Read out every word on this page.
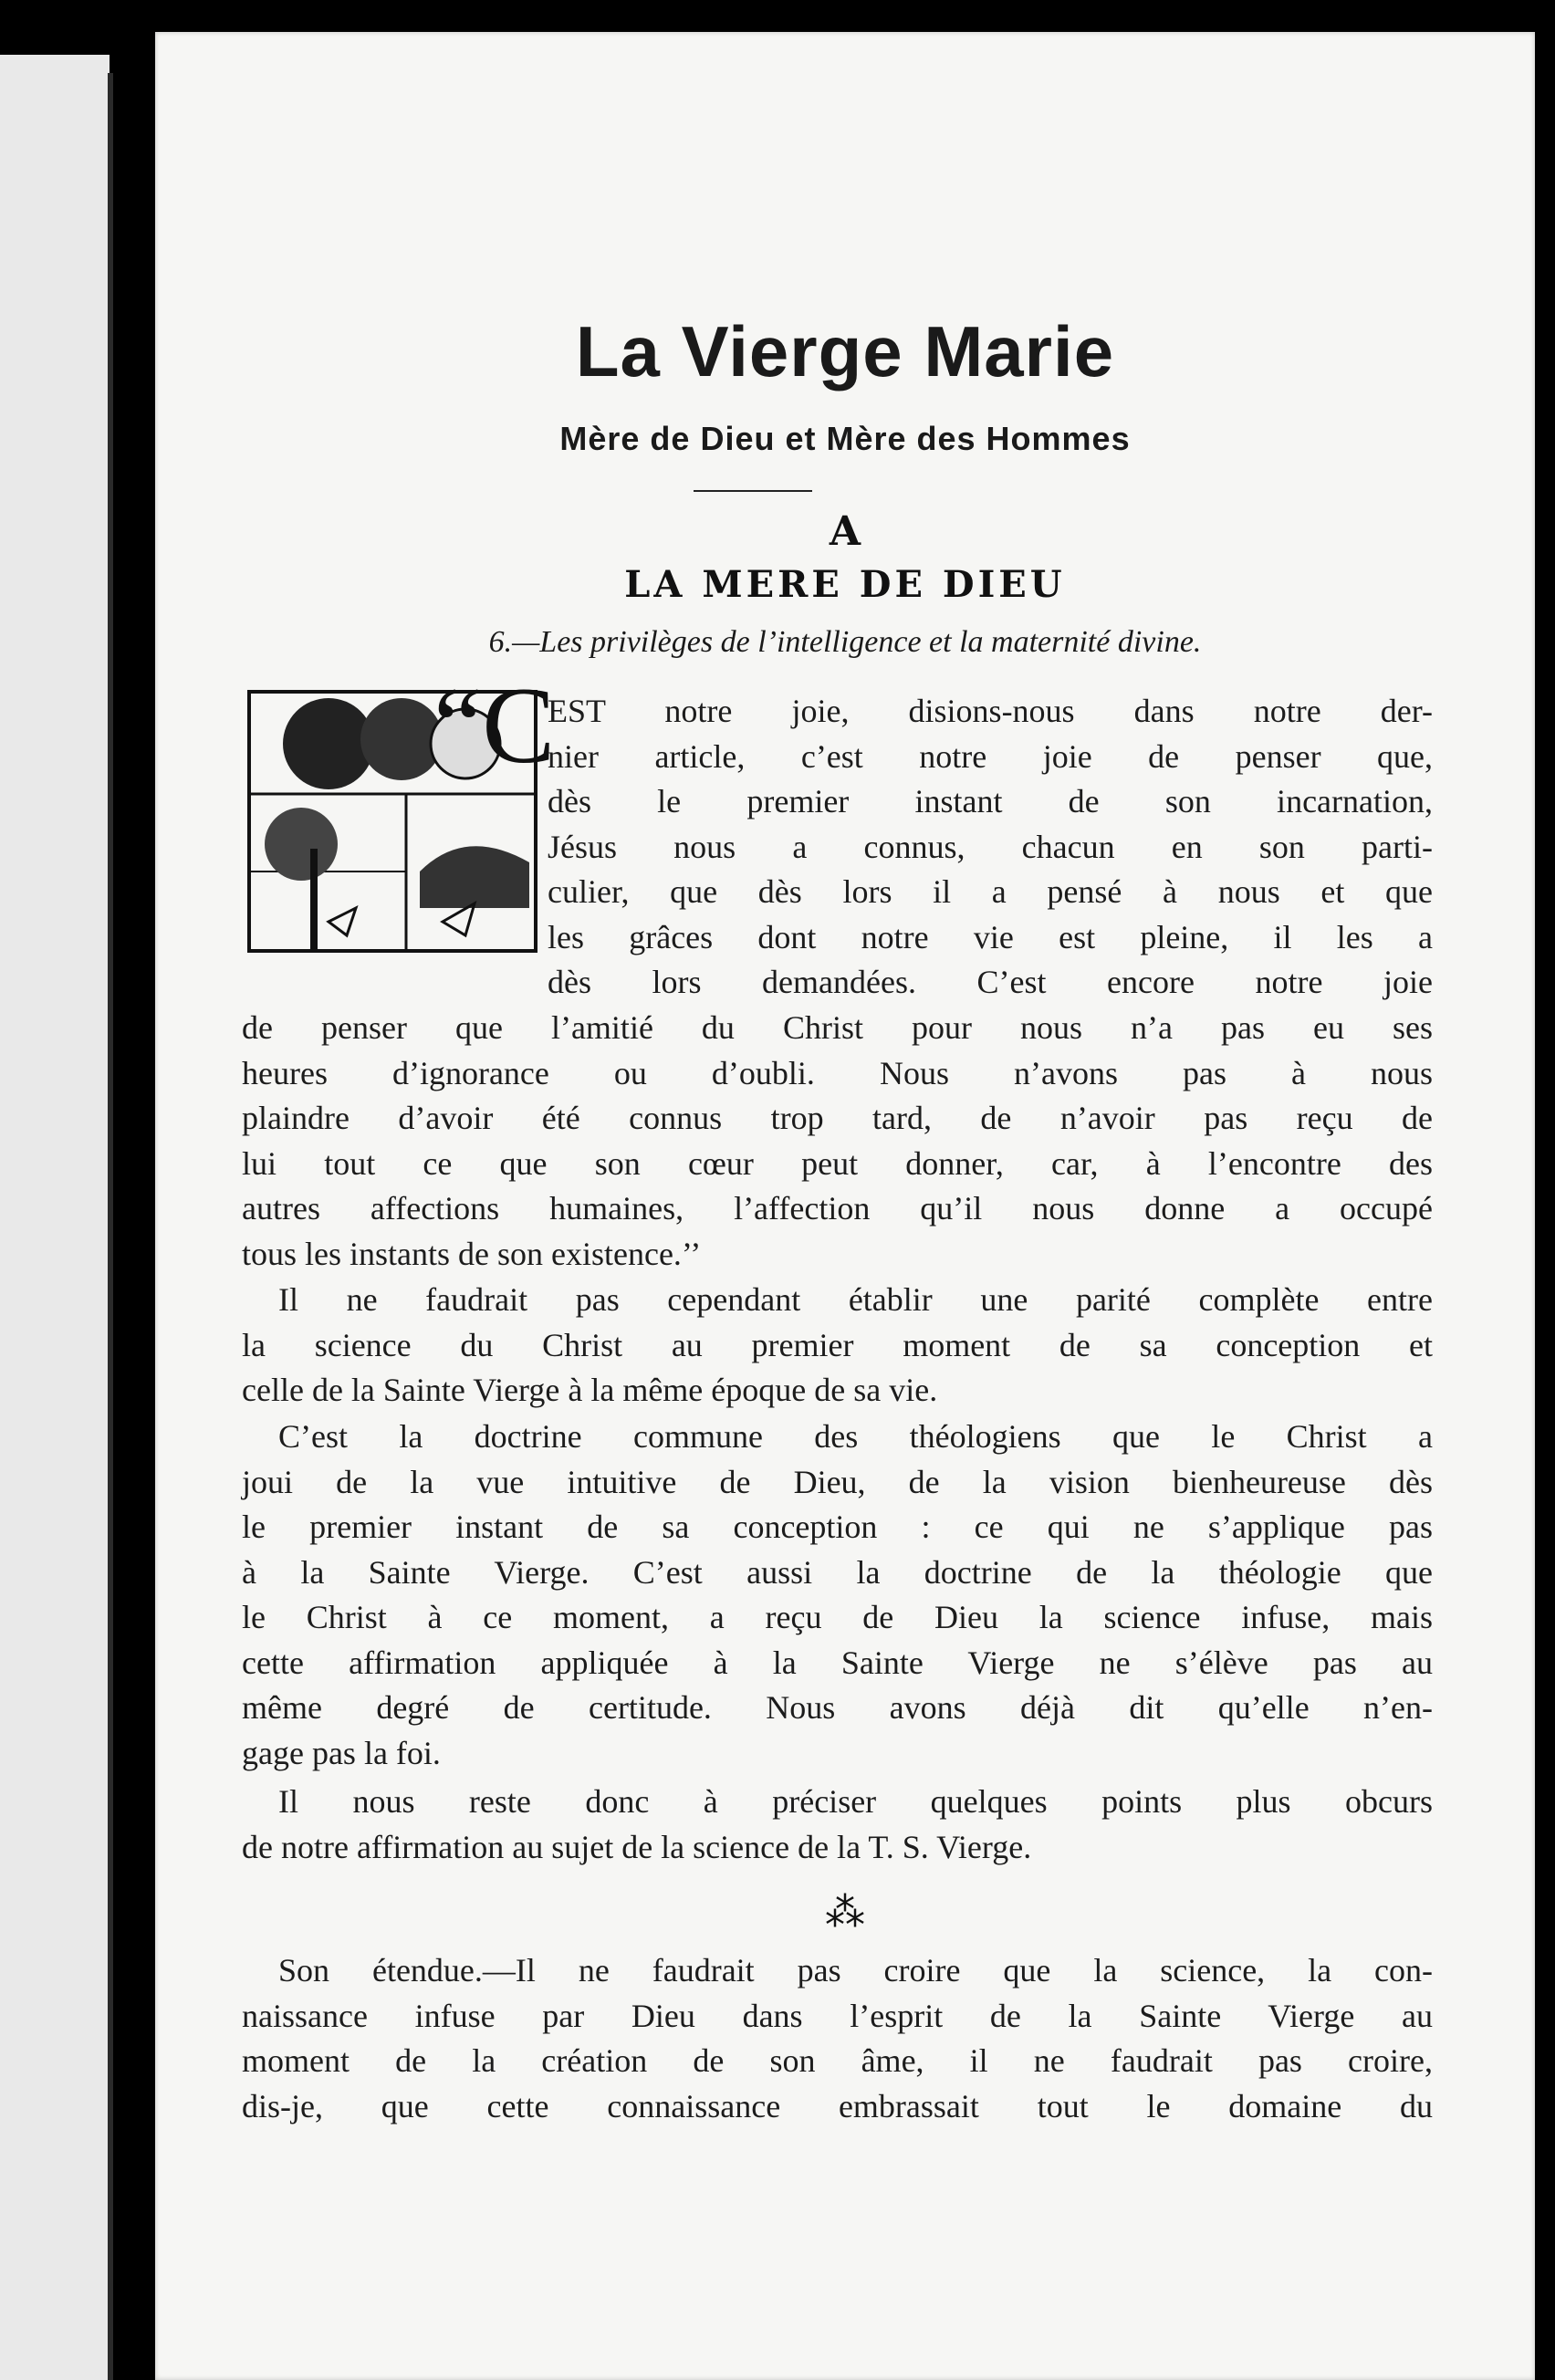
La Vierge Marie
Mère de Dieu et Mère des Hommes
A
LA MERE DE DIEU
6.—Les privilèges de l’intelligence et la maternité divine.
“C
EST notre joie, disions-nous dans notre der-
nier article, c’est notre joie de penser que,
dès le premier instant de son incarnation,
Jésus nous a connus, chacun en son parti-
culier, que dès lors il a pensé à nous et que
les grâces dont notre vie est pleine, il les a
dès lors demandées. C’est encore notre joie
de penser que l’amitié du Christ pour nous n’a pas eu ses
heures d’ignorance ou d’oubli. Nous n’avons pas à nous
plaindre d’avoir été connus trop tard, de n’avoir pas reçu de
lui tout ce que son cœur peut donner, car, à l’encontre des
autres affections humaines, l’affection qu’il nous donne a occupé
tous les instants de son existence.’’
Il ne faudrait pas cependant établir une parité complète entre
la science du Christ au premier moment de sa conception et
celle de la Sainte Vierge à la même époque de sa vie.
C’est la doctrine commune des théologiens que le Christ a
joui de la vue intuitive de Dieu, de la vision bienheureuse dès
le premier instant de sa conception : ce qui ne s’applique pas
à la Sainte Vierge. C’est aussi la doctrine de la théologie que
le Christ à ce moment, a reçu de Dieu la science infuse, mais
cette affirmation appliquée à la Sainte Vierge ne s’élève pas au
même degré de certitude. Nous avons déjà dit qu’elle n’en-
gage pas la foi.
Il nous reste donc à préciser quelques points plus obcurs
de notre affirmation au sujet de la science de la T. S. Vierge.
⁂
Son étendue.—Il ne faudrait pas croire que la science, la con-
naissance infuse par Dieu dans l’esprit de la Sainte Vierge au
moment de la création de son âme, il ne faudrait pas croire,
dis-je, que cette connaissance embrassait tout le domaine du
